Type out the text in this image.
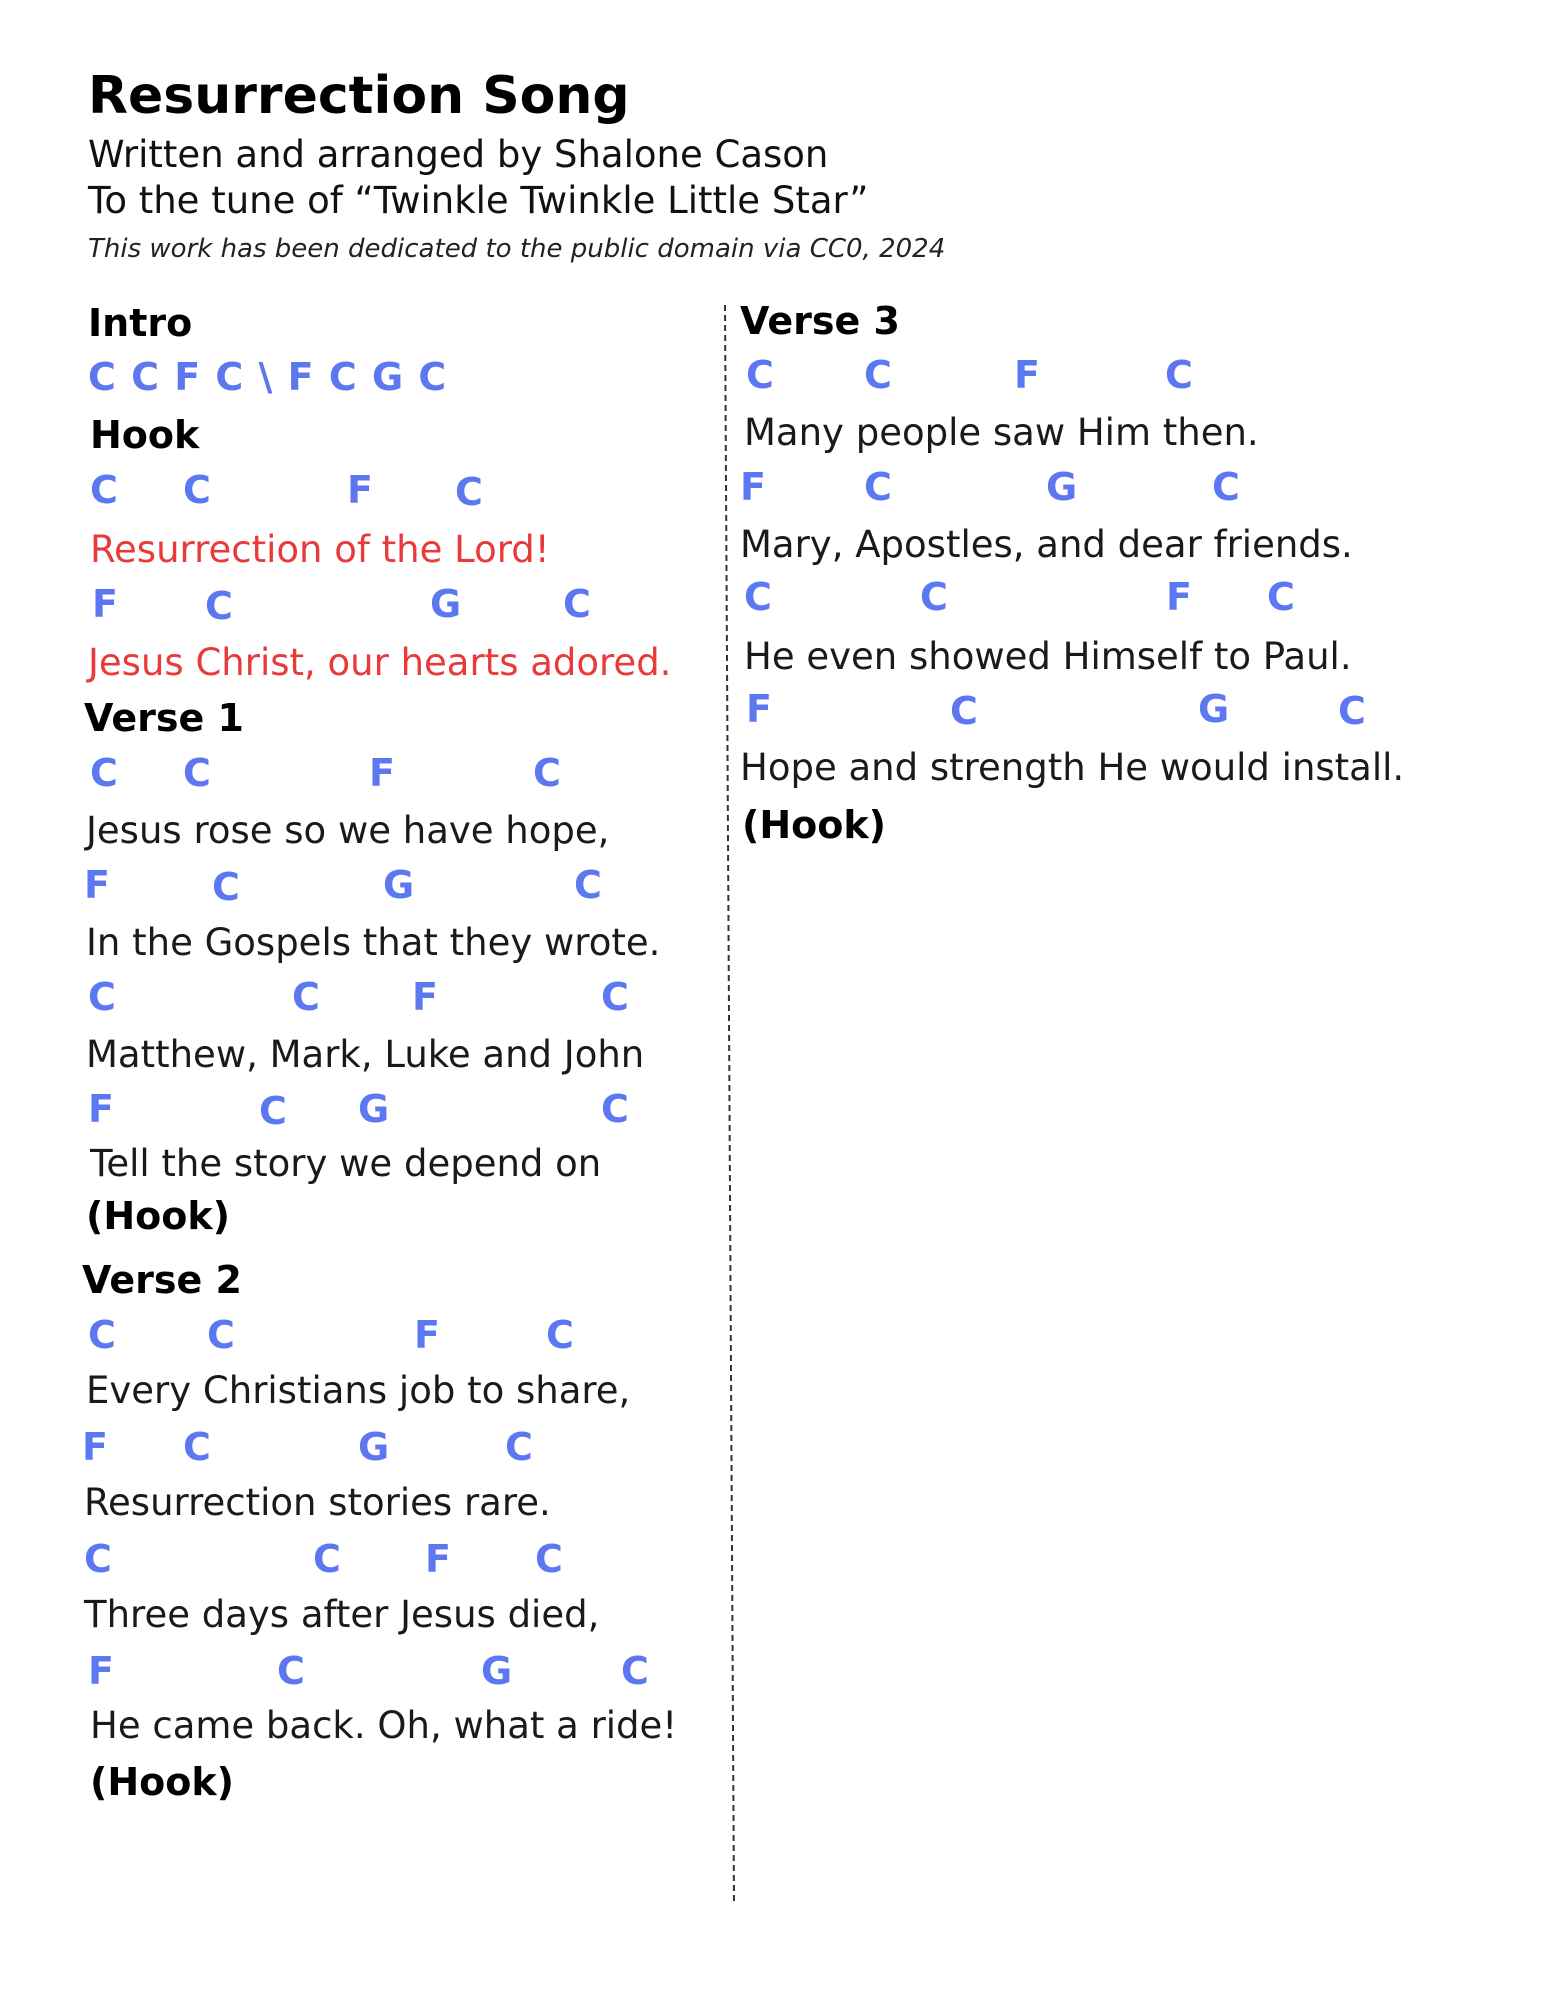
Resurrection Song
Written and arranged by Shalone Cason
To the tune of “Twinkle Twinkle Little Star”
This work has been dedicated to the public domain via CC0, 2024
Intro
C C F C \ F C G C
Hook
C C	F C
Resurrection of the Lord!
F C	G	C
Jesus Christ, our hearts adored.
Verse 1
C C	F	C
Jesus rose so we have hope,
F	C	G	C
In the Gospels that they wrote.
C	C F	C
Matthew, Mark, Luke and John
F	C G	C
Tell the story we depend on
(Hook)
Verse 2
C C	F	C
Every Christians job to share,
F C	G	C
Resurrection stories rare.
C	C F C
Three days after Jesus died,
F	C	G	C
He came back. Oh, what a ride!
(Hook)
Verse 3
C C	F	C
Many people saw Him then.
F	C	G	C
Mary, Apostles, and dear friends.
C	C	F C
He even showed Himself to Paul.
F	C	G	C
Hope and strength He would install.
(Hook)
